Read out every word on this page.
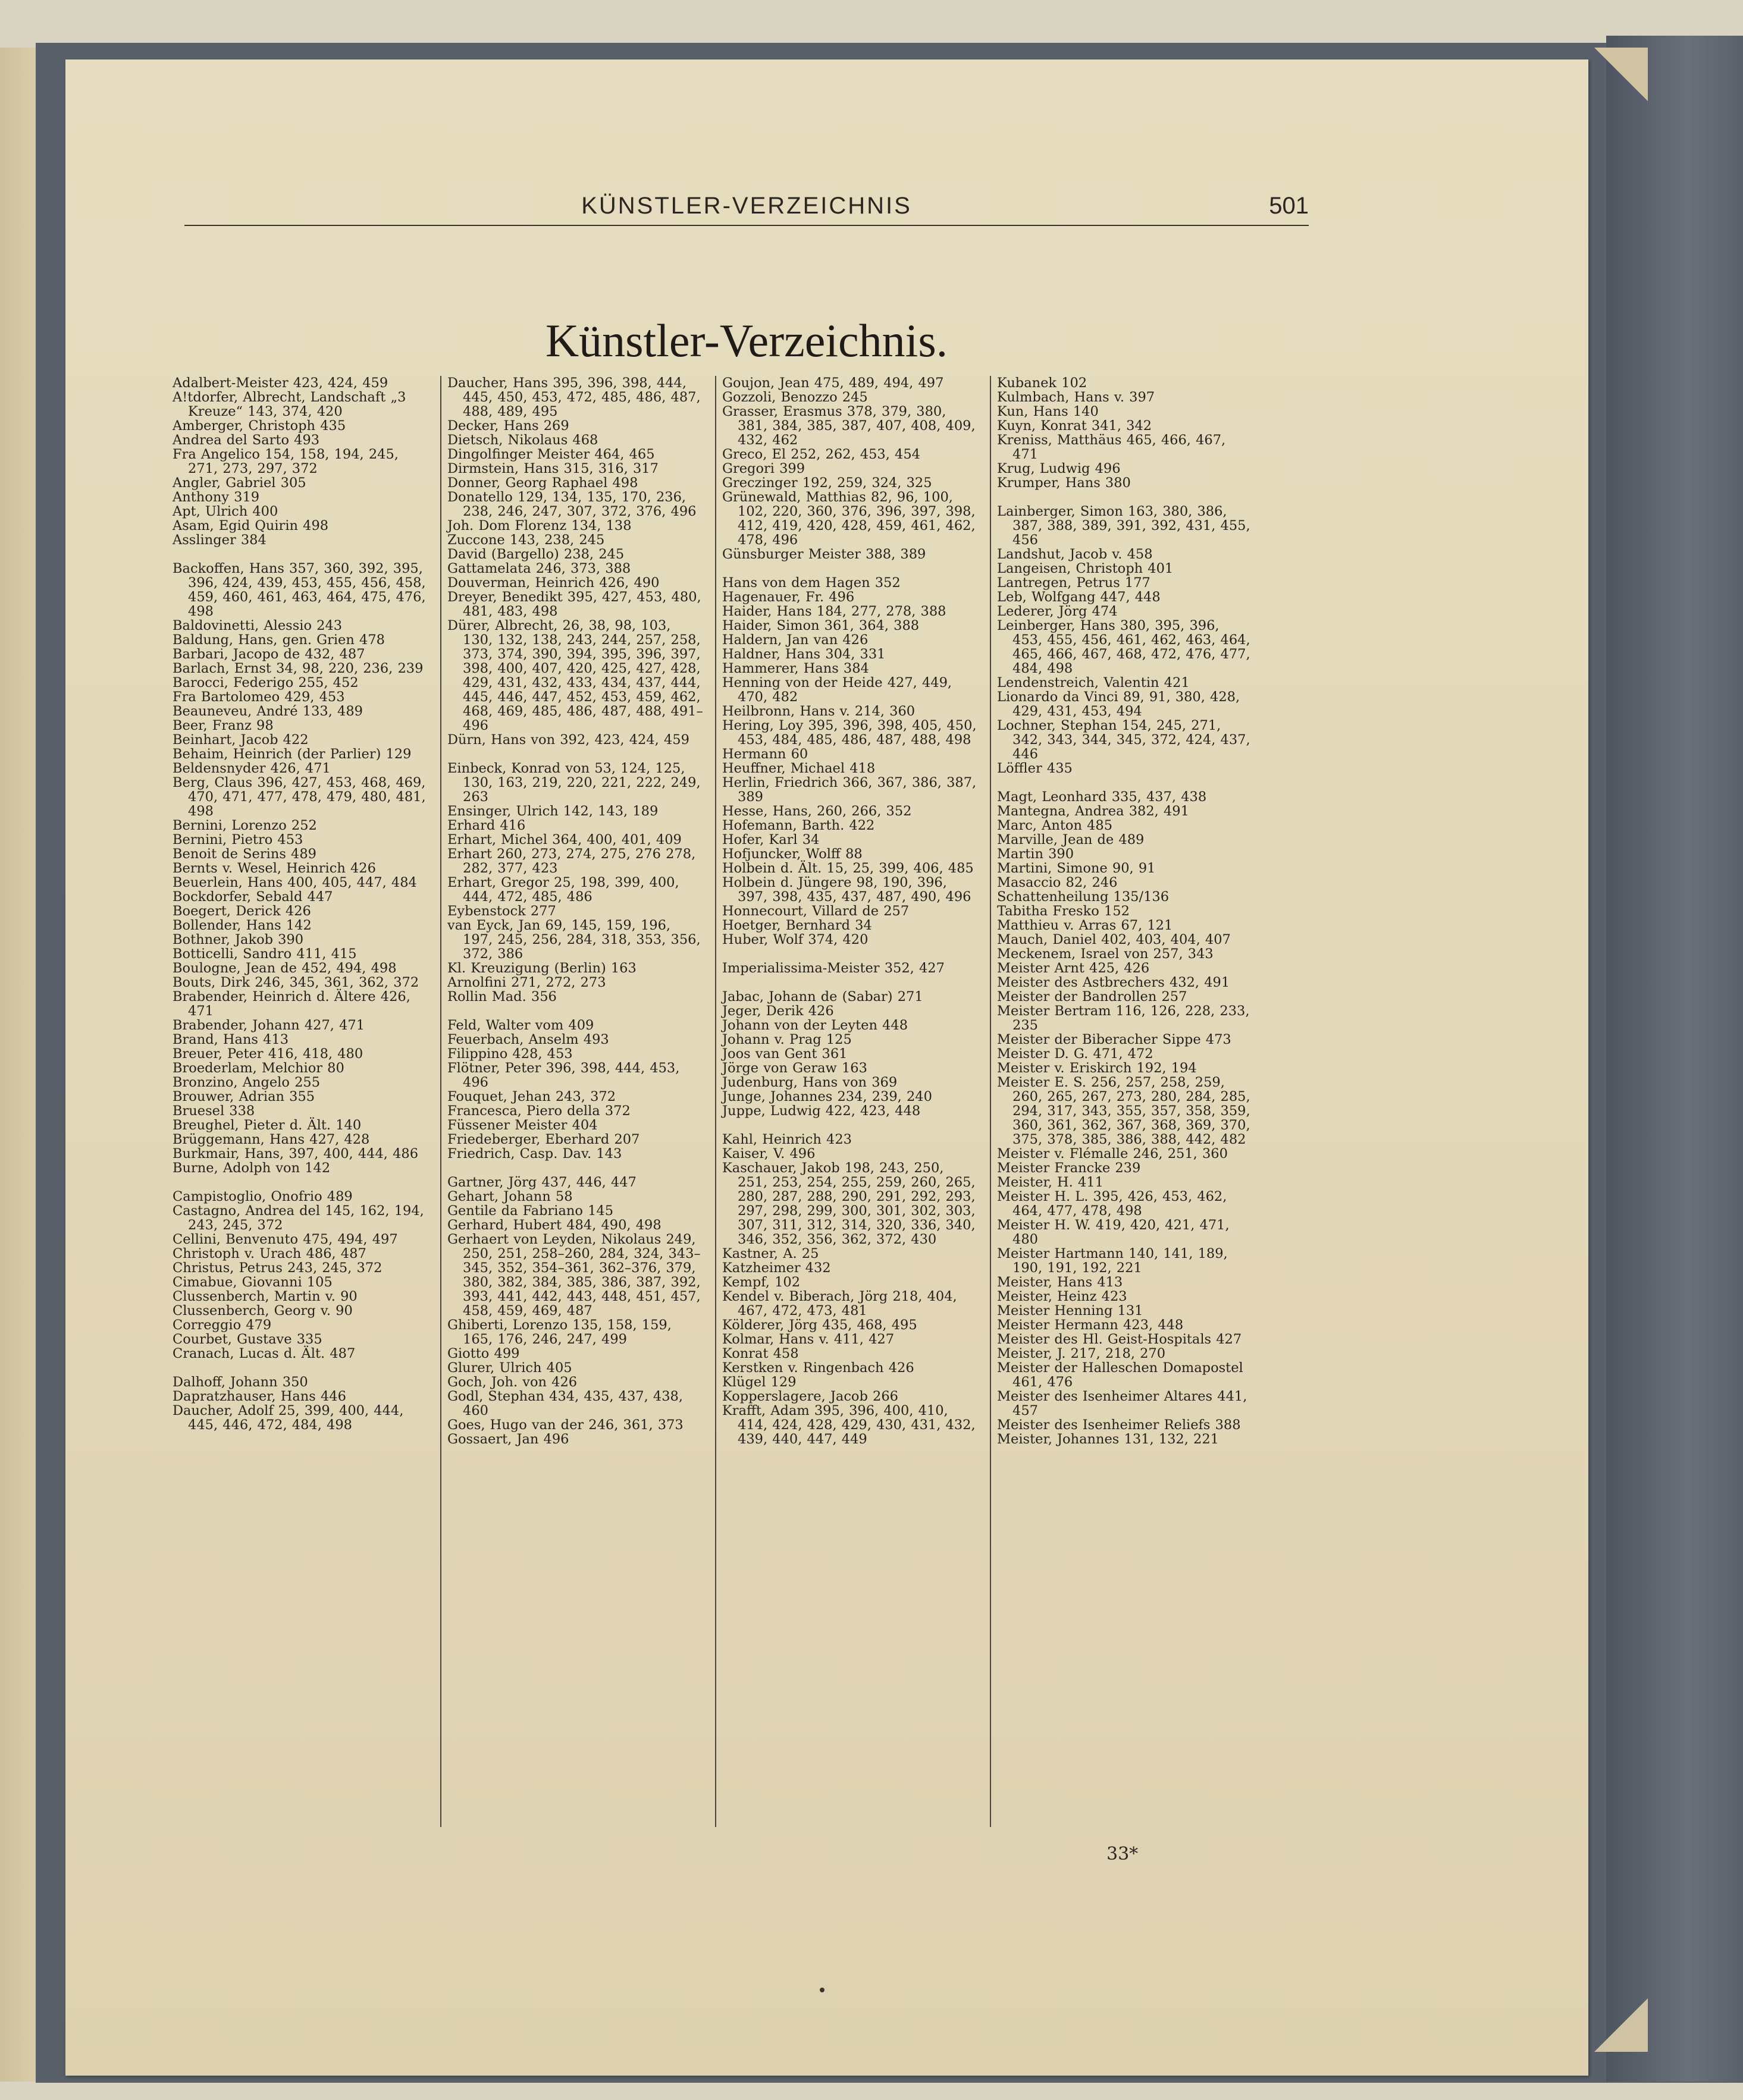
KÜNSTLER-VERZEICHNIS	501
Künstler-Verzeichnis.

Adalbert-Meister 423, 424, 459

A!tdorfer, Albrecht, Landschaft „3 Kreuze“ 143, 374, 420

Amberger, Christoph 435

Andrea del Sarto 493

Fra Angelico 154, 158, 194, 245, 271, 273, 297, 372

Angler, Gabriel 305

Anthony 319

Apt, Ulrich 400

Asam, Egid Quirin 498

Asslinger 384

Backoffen, Hans 357, 360, 392, 395, 396, 424, 439, 453, 455, 456, 458, 459, 460, 461, 463, 464, 475, 476, 498

Baldovinetti, Alessio 243

Baldung, Hans, gen. Grien 478

Barbari, Jacopo de 432, 487

Barlach, Ernst 34, 98, 220, 236, 239

Barocci, Federigo 255, 452

Fra Bartolomeo 429, 453

Beauneveu, André 133, 489

Beer, Franz 98

Beinhart, Jacob 422

Behaim, Heinrich (der Parlier) 129

Beldensnyder 426, 471

Berg, Claus 396, 427, 453, 468, 469, 470, 471, 477, 478, 479, 480, 481, 498

Bernini, Lorenzo 252

Bernini, Pietro 453

Benoit de Serins 489

Bernts v. Wesel, Heinrich 426

Beuerlein, Hans 400, 405, 447, 484

Bockdorfer, Sebald 447

Boegert, Derick 426

Bollender, Hans 142

Bothner, Jakob 390

Botticelli, Sandro 411, 415

Boulogne, Jean de 452, 494, 498

Bouts, Dirk 246, 345, 361, 362, 372

Brabender, Heinrich d. Ältere 426, 471

Brabender, Johann 427, 471

Brand, Hans 413

Breuer, Peter 416, 418, 480

Broederlam, Melchior 80

Bronzino, Angelo 255

Brouwer, Adrian 355

Bruesel 338

Breughel, Pieter d. Ält. 140

Brüggemann, Hans 427, 428

Burkmair, Hans, 397, 400, 444, 486

Burne, Adolph von 142

Campistoglio, Onofrio 489

Castagno, Andrea del 145, 162, 194, 243, 245, 372

Cellini, Benvenuto 475, 494, 497

Christoph v. Urach 486, 487

Christus, Petrus 243, 245, 372

Cimabue, Giovanni 105

Clussenberch, Martin v. 90

Clussenberch, Georg v. 90

Correggio 479

Courbet, Gustave 335

Cranach, Lucas d. Ält. 487

Dalhoff, Johann 350

Dapratzhauser, Hans 446

Daucher, Adolf 25, 399, 400, 444, 445, 446, 472, 484, 498

Daucher, Hans 395, 396, 398, 444, 445, 450, 453, 472, 485, 486, 487, 488, 489, 495

Decker, Hans 269

Dietsch, Nikolaus 468

Dingolfinger Meister 464, 465

Dirmstein, Hans 315, 316, 317

Donner, Georg Raphael 498

Donatello 129, 134, 135, 170, 236, 238, 246, 247, 307, 372, 376, 496

Joh. Dom Florenz 134, 138

Zuccone 143, 238, 245

David (Bargello) 238, 245

Gattamelata 246, 373, 388

Douverman, Heinrich 426, 490

Dreyer, Benedikt 395, 427, 453, 480, 481, 483, 498

Dürer, Albrecht, 26, 38, 98, 103, 130, 132, 138, 243, 244, 257, 258, 373, 374, 390, 394, 395, 396, 397, 398, 400, 407, 420, 425, 427, 428, 429, 431, 432, 433, 434, 437, 444, 445, 446, 447, 452, 453, 459, 462, 468, 469, 485, 486, 487, 488, 491–496

Dürn, Hans von 392, 423, 424, 459

Einbeck, Konrad von 53, 124, 125, 130, 163, 219, 220, 221, 222, 249, 263

Ensinger, Ulrich 142, 143, 189

Erhard 416

Erhart, Michel 364, 400, 401, 409

Erhart 260, 273, 274, 275, 276 278, 282, 377, 423

Erhart, Gregor 25, 198, 399, 400, 444, 472, 485, 486

Eybenstock 277

van Eyck, Jan 69, 145, 159, 196, 197, 245, 256, 284, 318, 353, 356, 372, 386

Kl. Kreuzigung (Berlin) 163

Arnolfini 271, 272, 273

Rollin Mad. 356

Feld, Walter vom 409

Feuerbach, Anselm 493

Filippino 428, 453

Flötner, Peter 396, 398, 444, 453, 496

Fouquet, Jehan 243, 372

Francesca, Piero della 372

Füssener Meister 404

Friedeberger, Eberhard 207

Friedrich, Casp. Dav. 143

Gartner, Jörg 437, 446, 447

Gehart, Johann 58

Gentile da Fabriano 145

Gerhard, Hubert 484, 490, 498

Gerhaert von Leyden, Nikolaus 249, 250, 251, 258–260, 284, 324, 343–345, 352, 354–361, 362–376, 379, 380, 382, 384, 385, 386, 387, 392, 393, 441, 442, 443, 448, 451, 457, 458, 459, 469, 487

Ghiberti, Lorenzo 135, 158, 159, 165, 176, 246, 247, 499

Giotto 499

Glurer, Ulrich 405

Goch, Joh. von 426

Godl, Stephan 434, 435, 437, 438, 460

Goes, Hugo van der 246, 361, 373

Gossaert, Jan 496

Goujon, Jean 475, 489, 494, 497

Gozzoli, Benozzo 245

Grasser, Erasmus 378, 379, 380, 381, 384, 385, 387, 407, 408, 409, 432, 462

Greco, El 252, 262, 453, 454

Gregori 399

Greczinger 192, 259, 324, 325

Grünewald, Matthias 82, 96, 100, 102, 220, 360, 376, 396, 397, 398, 412, 419, 420, 428, 459, 461, 462, 478, 496

Günsburger Meister 388, 389

Hans von dem Hagen 352

Hagenauer, Fr. 496

Haider, Hans 184, 277, 278, 388

Haider, Simon 361, 364, 388

Haldern, Jan van 426

Haldner, Hans 304, 331

Hammerer, Hans 384

Henning von der Heide 427, 449, 470, 482

Heilbronn, Hans v. 214, 360

Hering, Loy 395, 396, 398, 405, 450, 453, 484, 485, 486, 487, 488, 498

Hermann 60

Heuffner, Michael 418

Herlin, Friedrich 366, 367, 386, 387, 389

Hesse, Hans, 260, 266, 352

Hofemann, Barth. 422

Hofer, Karl 34

Hofjuncker, Wolff 88

Holbein d. Ält. 15, 25, 399, 406, 485

Holbein d. Jüngere 98, 190, 396, 397, 398, 435, 437, 487, 490, 496

Honnecourt, Villard de 257

Hoetger, Bernhard 34

Huber, Wolf 374, 420

Imperialissima-Meister 352, 427

Jabac, Johann de (Sabar) 271

Jeger, Derik 426

Johann von der Leyten 448

Johann v. Prag 125

Joos van Gent 361

Jörge von Geraw 163

Judenburg, Hans von 369

Junge, Johannes 234, 239, 240

Juppe, Ludwig 422, 423, 448

Kahl, Heinrich 423

Kaiser, V. 496

Kaschauer, Jakob 198, 243, 250, 251, 253, 254, 255, 259, 260, 265, 280, 287, 288, 290, 291, 292, 293, 297, 298, 299, 300, 301, 302, 303, 307, 311, 312, 314, 320, 336, 340, 346, 352, 356, 362, 372, 430

Kastner, A. 25

Katzheimer 432

Kempf, 102

Kendel v. Biberach, Jörg 218, 404, 467, 472, 473, 481

Kölderer, Jörg 435, 468, 495

Kolmar, Hans v. 411, 427

Konrat 458

Kerstken v. Ringenbach 426

Klügel 129

Kopperslagere, Jacob 266

Krafft, Adam 395, 396, 400, 410, 414, 424, 428, 429, 430, 431, 432, 439, 440, 447, 449

Kubanek 102

Kulmbach, Hans v. 397

Kun, Hans 140

Kuyn, Konrat 341, 342

Kreniss, Matthäus 465, 466, 467, 471

Krug, Ludwig 496

Krumper, Hans 380

Lainberger, Simon 163, 380, 386, 387, 388, 389, 391, 392, 431, 455, 456

Landshut, Jacob v. 458

Langeisen, Christoph 401

Lantregen, Petrus 177

Leb, Wolfgang 447, 448

Lederer, Jörg 474

Leinberger, Hans 380, 395, 396, 453, 455, 456, 461, 462, 463, 464, 465, 466, 467, 468, 472, 476, 477, 484, 498

Lendenstreich, Valentin 421

Lionardo da Vinci 89, 91, 380, 428, 429, 431, 453, 494

Lochner, Stephan 154, 245, 271, 342, 343, 344, 345, 372, 424, 437, 446

Löffler 435

Magt, Leonhard 335, 437, 438

Mantegna, Andrea 382, 491

Marc, Anton 485

Marville, Jean de 489

Martin 390

Martini, Simone 90, 91

Masaccio 82, 246

Schattenheilung 135/136

Tabitha Fresko 152

Matthieu v. Arras 67, 121

Mauch, Daniel 402, 403, 404, 407

Meckenem, Israel von 257, 343

Meister Arnt 425, 426

Meister des Astbrechers 432, 491

Meister der Bandrollen 257

Meister Bertram 116, 126, 228, 233, 235

Meister der Biberacher Sippe 473

Meister D. G. 471, 472

Meister v. Eriskirch 192, 194

Meister E. S. 256, 257, 258, 259, 260, 265, 267, 273, 280, 284, 285, 294, 317, 343, 355, 357, 358, 359, 360, 361, 362, 367, 368, 369, 370, 375, 378, 385, 386, 388, 442, 482

Meister v. Flémalle 246, 251, 360

Meister Francke 239

Meister, H. 411

Meister H. L. 395, 426, 453, 462, 464, 477, 478, 498

Meister H. W. 419, 420, 421, 471, 480

Meister Hartmann 140, 141, 189, 190, 191, 192, 221

Meister, Hans 413

Meister, Heinz 423

Meister Henning 131

Meister Hermann 423, 448

Meister des Hl. Geist-Hospitals 427

Meister, J. 217, 218, 270

Meister der Halleschen Domapostel 461, 476

Meister des Isenheimer Altares 441, 457

Meister des Isenheimer Reliefs 388

Meister, Johannes 131, 132, 221

33*
